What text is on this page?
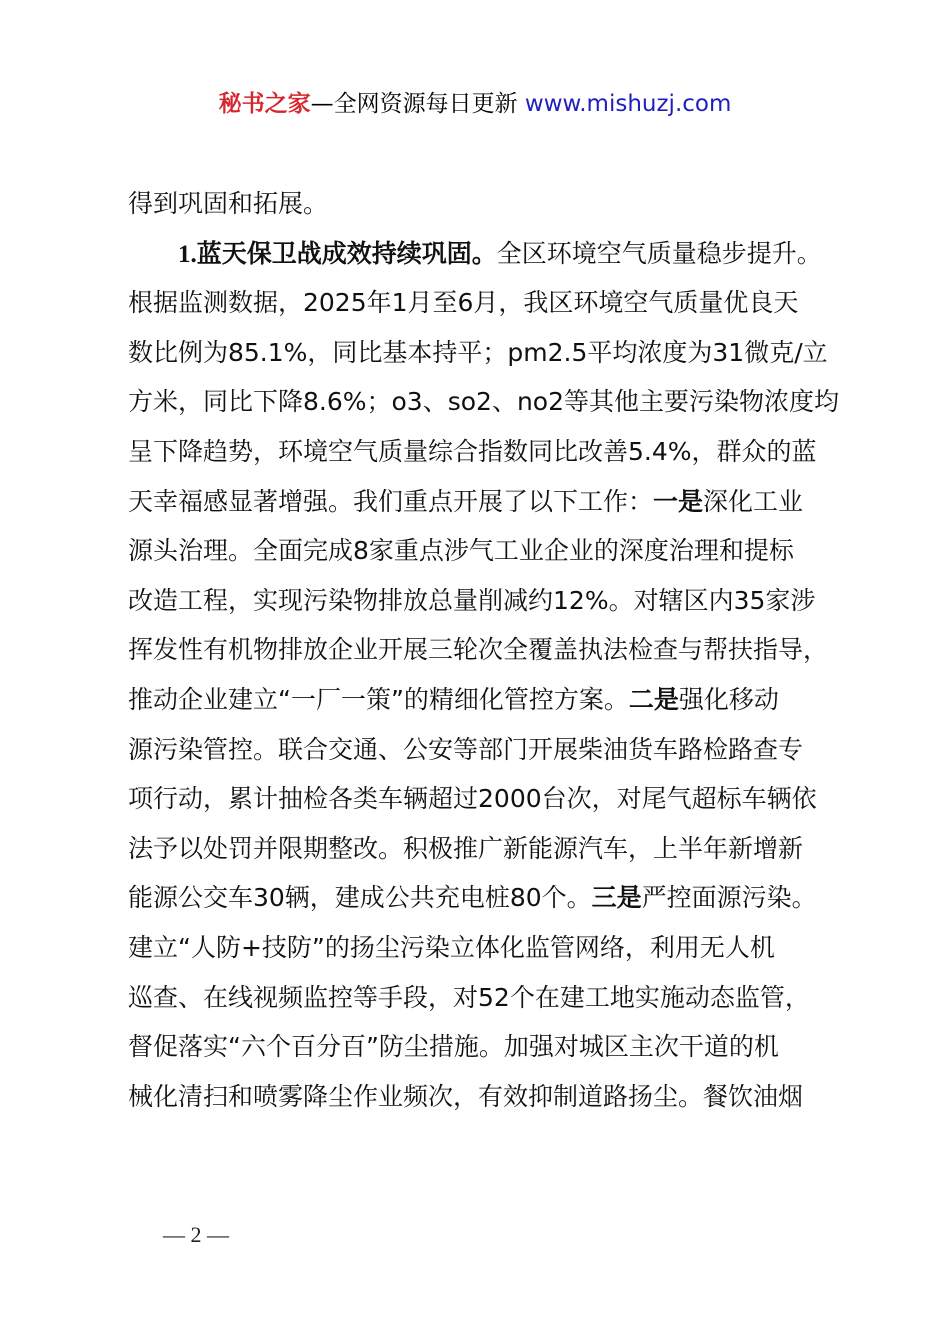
秘书之家—全网资源每日更新 www.mishuzj.com
得到巩固和拓展。
1.蓝天保卫战成效持续巩固。全区环境空气质量稳步提升。
根据监测数据，2025年1月至6月，我区环境空气质量优良天
数比例为85.1%，同比基本持平；pm2.5平均浓度为31微克/立
方米，同比下降8.6%；o3、so2、no2等其他主要污染物浓度均
呈下降趋势，环境空气质量综合指数同比改善5.4%，群众的蓝
天幸福感显著增强。我们重点开展了以下工作：一是深化工业
源头治理。全面完成8家重点涉气工业企业的深度治理和提标
改造工程，实现污染物排放总量削减约12%。对辖区内35家涉
挥发性有机物排放企业开展三轮次全覆盖执法检查与帮扶指导，
推动企业建立“一厂一策”的精细化管控方案。二是强化移动
源污染管控。联合交通、公安等部门开展柴油货车路检路查专
项行动，累计抽检各类车辆超过2000台次，对尾气超标车辆依
法予以处罚并限期整改。积极推广新能源汽车，上半年新增新
能源公交车30辆，建成公共充电桩80个。三是严控面源污染。
建立“人防+技防”的扬尘污染立体化监管网络，利用无人机
巡查、在线视频监控等手段，对52个在建工地实施动态监管，
督促落实“六个百分百”防尘措施。加强对城区主次干道的机
械化清扫和喷雾降尘作业频次，有效抑制道路扬尘。餐饮油烟
— 2 —
